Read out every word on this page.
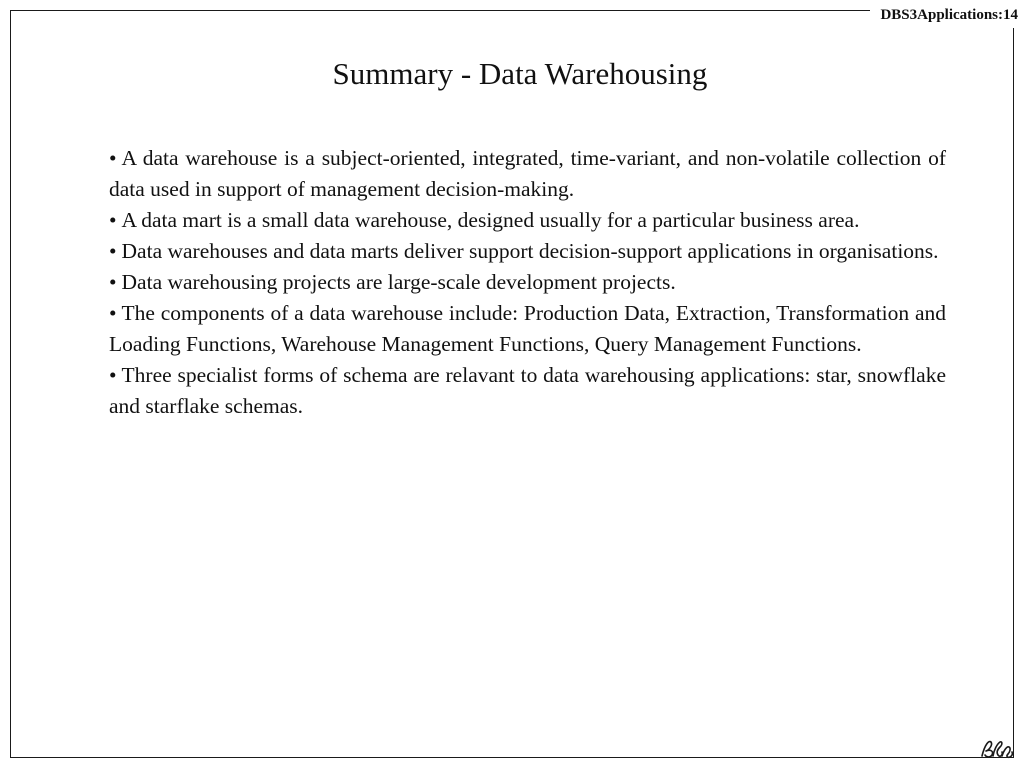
DBS3Applications:14
Summary - Data Warehousing
• A data warehouse is a subject-oriented, integrated, time-variant, and non-volatile collection of data used in support of management decision-making.
• A data mart is a small data warehouse, designed usually for a particular business area.
• Data warehouses and data marts deliver support decision-support applications in organisations.
• Data warehousing projects are large-scale development projects.
• The components of a data warehouse include: Production Data, Extraction, Transformation and Loading Functions, Warehouse Management Functions, Query Management Functions.
• Three specialist forms of schema are relavant to data warehousing applications: star, snowflake and starflake schemas.
